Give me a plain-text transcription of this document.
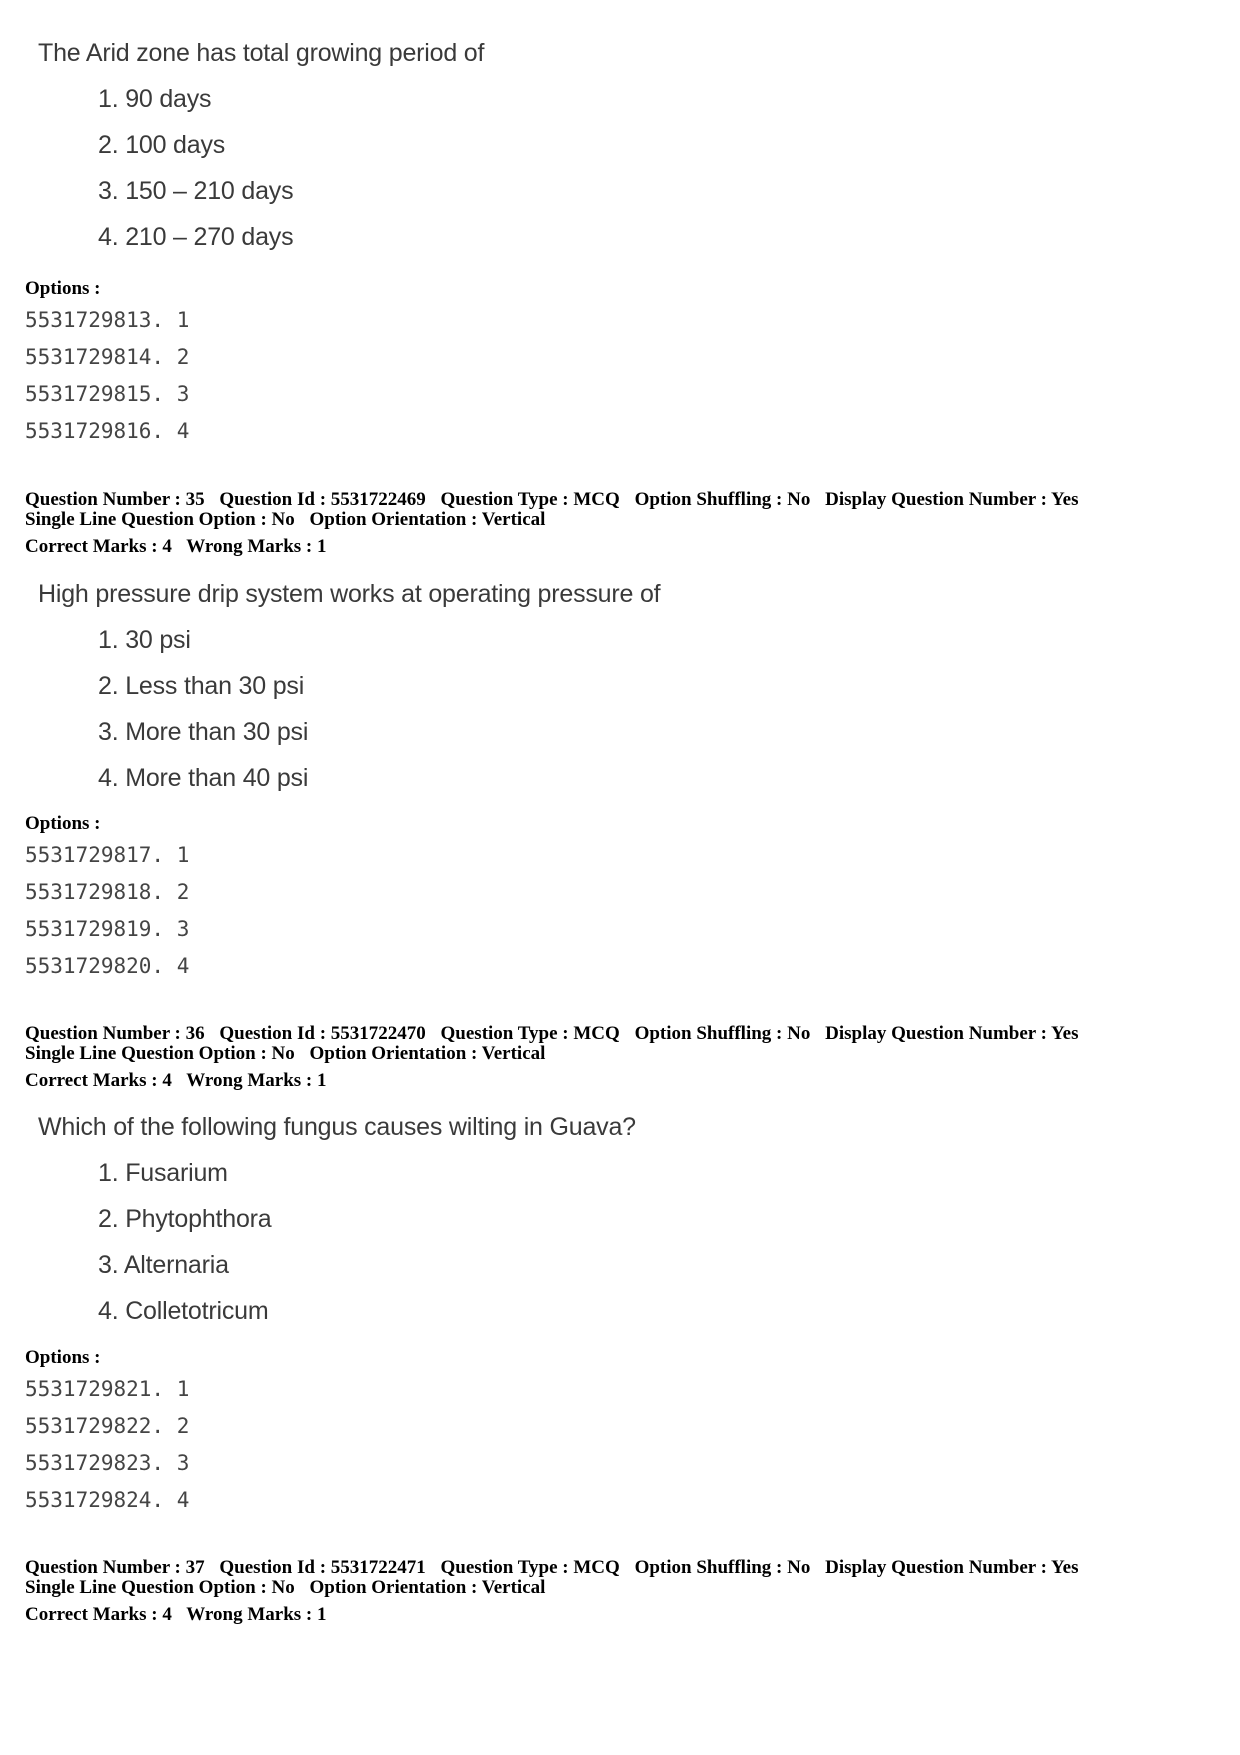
The Arid zone has total growing period of
1. 90 days
2. 100 days
3. 150 – 210 days
4. 210 – 270 days
Options :
5531729813. 1
5531729814. 2
5531729815. 3
5531729816. 4
Question Number : 35 Question Id : 5531722469 Question Type : MCQ Option Shuffling : No Display Question Number : Yes
Single Line Question Option : No Option Orientation : Vertical
Correct Marks : 4 Wrong Marks : 1
High pressure drip system works at operating pressure of
1. 30 psi
2. Less than 30 psi
3. More than 30 psi
4. More than 40 psi
Options :
5531729817. 1
5531729818. 2
5531729819. 3
5531729820. 4
Question Number : 36 Question Id : 5531722470 Question Type : MCQ Option Shuffling : No Display Question Number : Yes
Single Line Question Option : No Option Orientation : Vertical
Correct Marks : 4 Wrong Marks : 1
Which of the following fungus causes wilting in Guava?
1. Fusarium
2. Phytophthora
3. Alternaria
4. Colletotricum
Options :
5531729821. 1
5531729822. 2
5531729823. 3
5531729824. 4
Question Number : 37 Question Id : 5531722471 Question Type : MCQ Option Shuffling : No Display Question Number : Yes
Single Line Question Option : No Option Orientation : Vertical
Correct Marks : 4 Wrong Marks : 1
